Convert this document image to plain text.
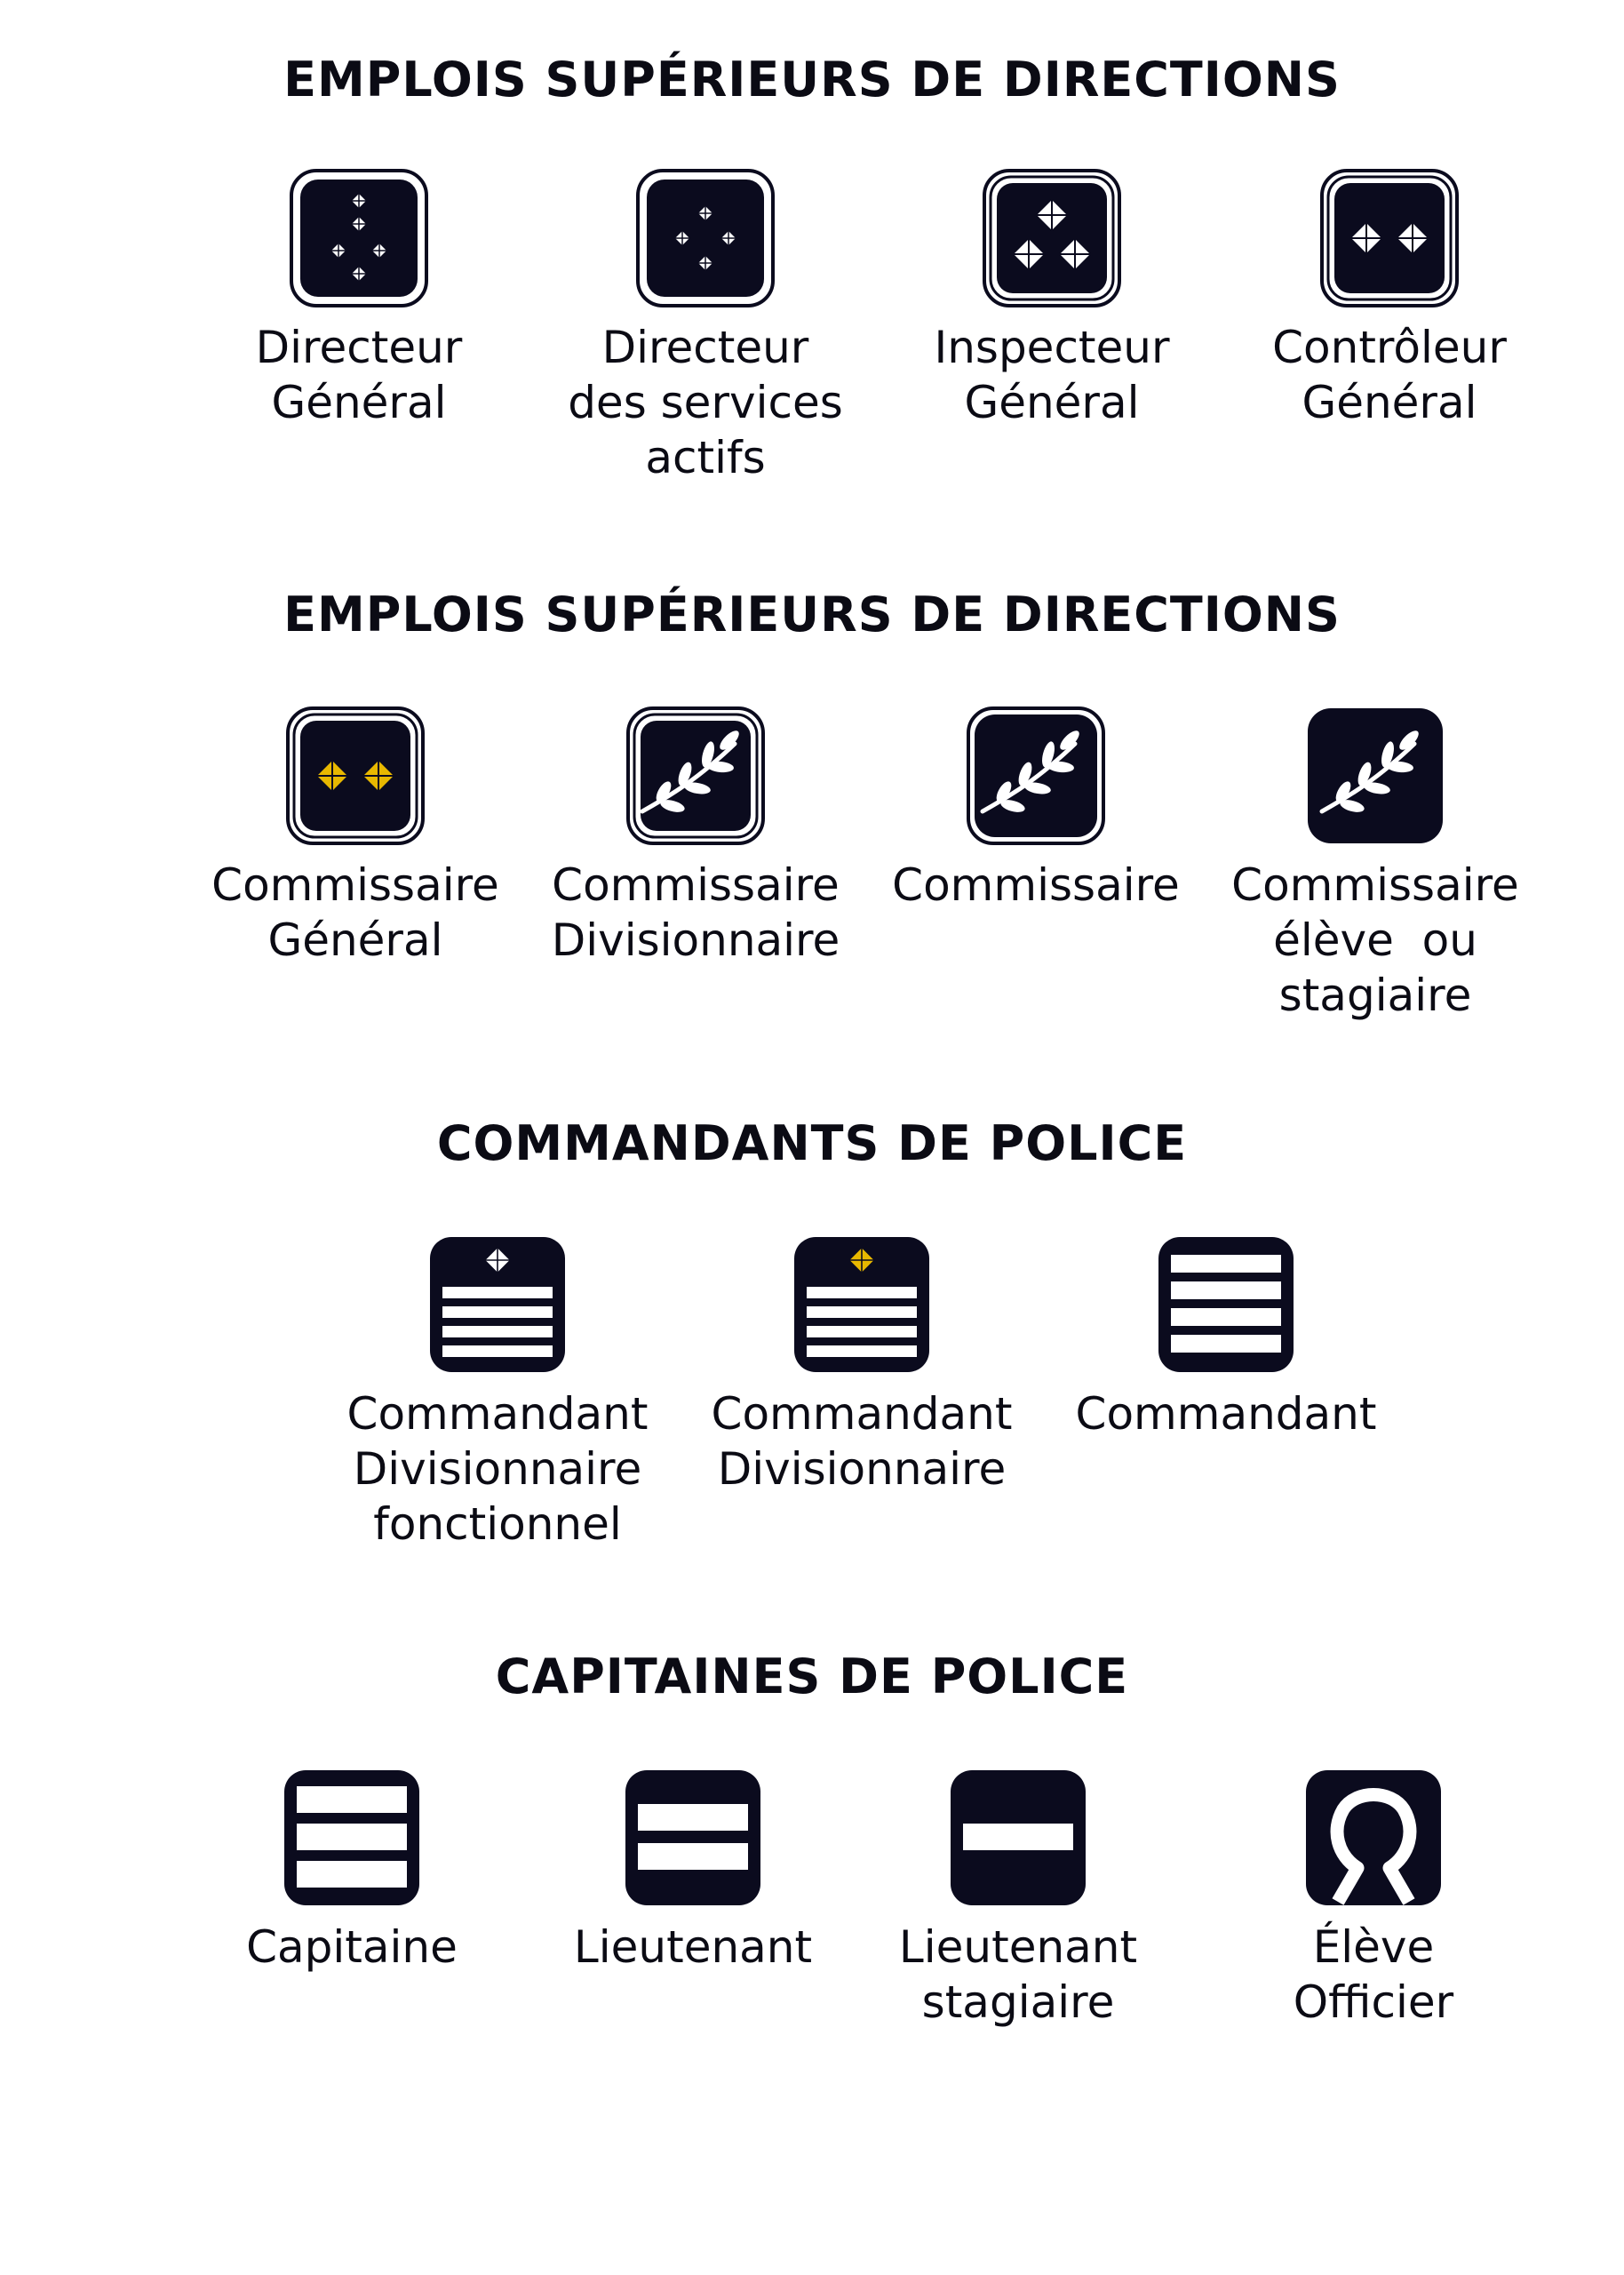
EMPLOIS SUPÉRIEURS DE DIRECTIONS
Directeur
Général
Directeur
des services
actifs
Inspecteur
Général
Contrôleur
Général
EMPLOIS SUPÉRIEURS DE DIRECTIONS
Commissaire
Général
Commissaire
Divisionnaire
Commissaire	Commissaire
élève  ou
stagiaire
COMMANDANTS DE POLICE
Commandant
Divisionnaire
fonctionnel
Commandant
Divisionnaire
Commandant
CAPITAINES DE POLICE
Capitaine	Lieutenant	Lieutenant
stagiaire
Élève
Officier
